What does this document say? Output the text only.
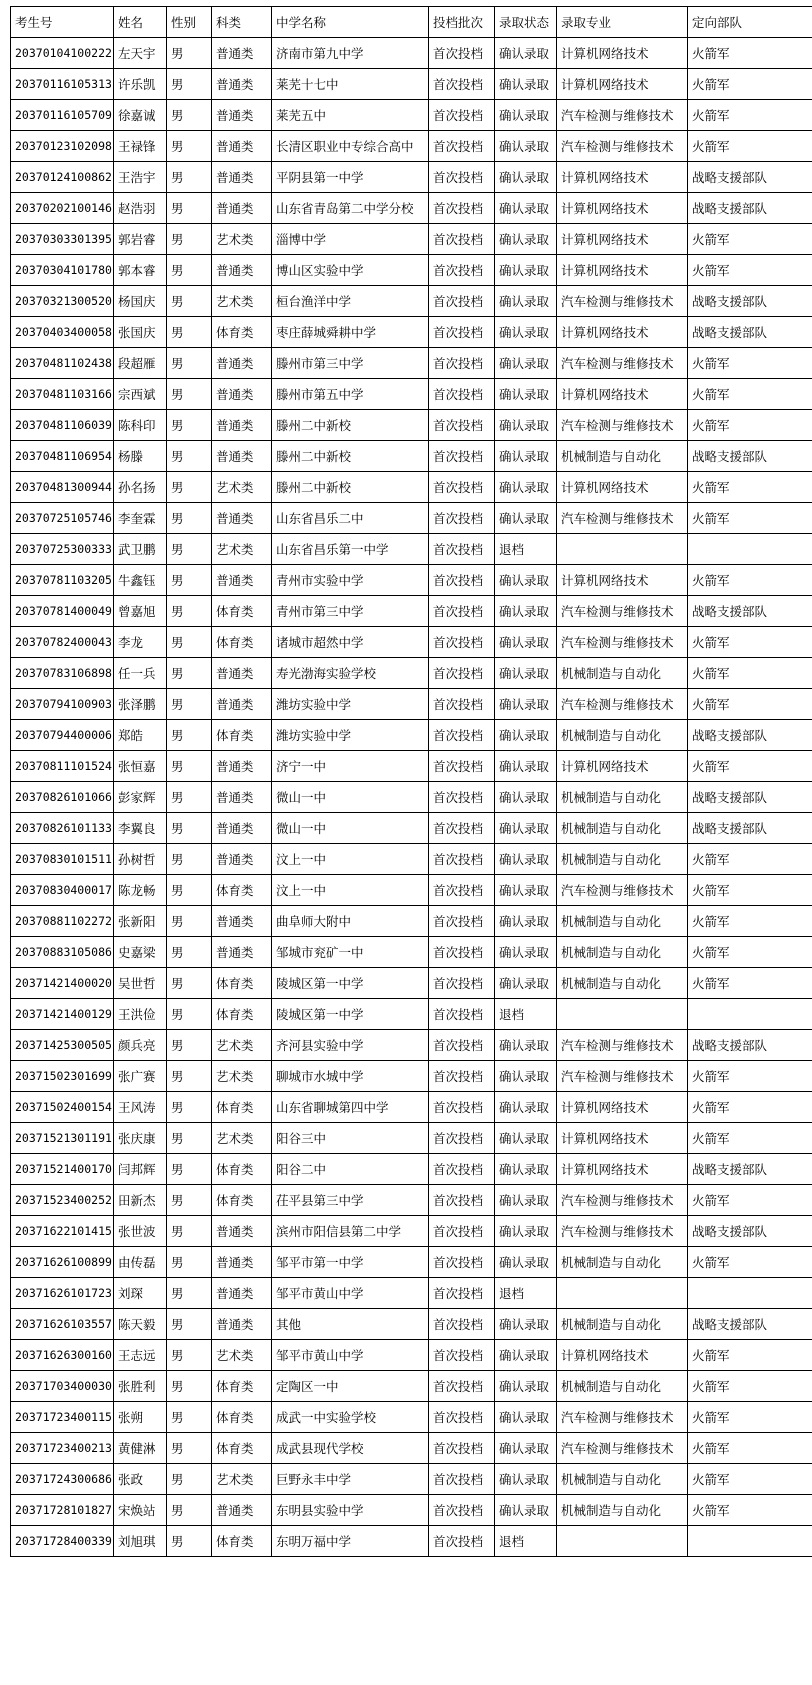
考生号	姓名	性别	科类	中学名称	投档批次	录取状态	录取专业	定向部队
20370104100222	左天宇	男	普通类	济南市第九中学	首次投档	确认录取	计算机网络技术	火箭军
20370116105313	许乐凯	男	普通类	莱芜十七中	首次投档	确认录取	计算机网络技术	火箭军
20370116105709	徐嘉诚	男	普通类	莱芜五中	首次投档	确认录取	汽车检测与维修技术	火箭军
20370123102098	王禄锋	男	普通类	长清区职业中专综合高中	首次投档	确认录取	汽车检测与维修技术	火箭军
20370124100862	王浩宇	男	普通类	平阴县第一中学	首次投档	确认录取	计算机网络技术	战略支援部队
20370202100146	赵浩羽	男	普通类	山东省青岛第二中学分校	首次投档	确认录取	计算机网络技术	战略支援部队
20370303301395	郭岩睿	男	艺术类	淄博中学	首次投档	确认录取	计算机网络技术	火箭军
20370304101780	郭本睿	男	普通类	博山区实验中学	首次投档	确认录取	计算机网络技术	火箭军
20370321300520	杨国庆	男	艺术类	桓台渔洋中学	首次投档	确认录取	汽车检测与维修技术	战略支援部队
20370403400058	张国庆	男	体育类	枣庄薛城舜耕中学	首次投档	确认录取	计算机网络技术	战略支援部队
20370481102438	段超雁	男	普通类	滕州市第三中学	首次投档	确认录取	汽车检测与维修技术	火箭军
20370481103166	宗西斌	男	普通类	滕州市第五中学	首次投档	确认录取	计算机网络技术	火箭军
20370481106039	陈科印	男	普通类	滕州二中新校	首次投档	确认录取	汽车检测与维修技术	火箭军
20370481106954	杨滕	男	普通类	滕州二中新校	首次投档	确认录取	机械制造与自动化	战略支援部队
20370481300944	孙名扬	男	艺术类	滕州二中新校	首次投档	确认录取	计算机网络技术	火箭军
20370725105746	李奎霖	男	普通类	山东省昌乐二中	首次投档	确认录取	汽车检测与维修技术	火箭军
20370725300333	武卫鹏	男	艺术类	山东省昌乐第一中学	首次投档	退档		
20370781103205	牛鑫钰	男	普通类	青州市实验中学	首次投档	确认录取	计算机网络技术	火箭军
20370781400049	曾嘉旭	男	体育类	青州市第三中学	首次投档	确认录取	汽车检测与维修技术	战略支援部队
20370782400043	李龙	男	体育类	诸城市超然中学	首次投档	确认录取	汽车检测与维修技术	火箭军
20370783106898	任一兵	男	普通类	寿光渤海实验学校	首次投档	确认录取	机械制造与自动化	火箭军
20370794100903	张泽鹏	男	普通类	潍坊实验中学	首次投档	确认录取	汽车检测与维修技术	火箭军
20370794400006	郑皓	男	体育类	潍坊实验中学	首次投档	确认录取	机械制造与自动化	战略支援部队
20370811101524	张恒嘉	男	普通类	济宁一中	首次投档	确认录取	计算机网络技术	火箭军
20370826101066	彭家辉	男	普通类	微山一中	首次投档	确认录取	机械制造与自动化	战略支援部队
20370826101133	李翼良	男	普通类	微山一中	首次投档	确认录取	机械制造与自动化	战略支援部队
20370830101511	孙树哲	男	普通类	汶上一中	首次投档	确认录取	机械制造与自动化	火箭军
20370830400017	陈龙畅	男	体育类	汶上一中	首次投档	确认录取	汽车检测与维修技术	火箭军
20370881102272	张新阳	男	普通类	曲阜师大附中	首次投档	确认录取	机械制造与自动化	火箭军
20370883105086	史嘉梁	男	普通类	邹城市兖矿一中	首次投档	确认录取	机械制造与自动化	火箭军
20371421400020	吴世哲	男	体育类	陵城区第一中学	首次投档	确认录取	机械制造与自动化	火箭军
20371421400129	王洪俭	男	体育类	陵城区第一中学	首次投档	退档		
20371425300505	颜兵亮	男	艺术类	齐河县实验中学	首次投档	确认录取	汽车检测与维修技术	战略支援部队
20371502301699	张广赛	男	艺术类	聊城市水城中学	首次投档	确认录取	汽车检测与维修技术	火箭军
20371502400154	王风涛	男	体育类	山东省聊城第四中学	首次投档	确认录取	计算机网络技术	火箭军
20371521301191	张庆康	男	艺术类	阳谷三中	首次投档	确认录取	计算机网络技术	火箭军
20371521400170	闫邦辉	男	体育类	阳谷二中	首次投档	确认录取	计算机网络技术	战略支援部队
20371523400252	田新杰	男	体育类	茌平县第三中学	首次投档	确认录取	汽车检测与维修技术	火箭军
20371622101415	张世波	男	普通类	滨州市阳信县第二中学	首次投档	确认录取	汽车检测与维修技术	战略支援部队
20371626100899	由传磊	男	普通类	邹平市第一中学	首次投档	确认录取	机械制造与自动化	火箭军
20371626101723	刘琛	男	普通类	邹平市黄山中学	首次投档	退档		
20371626103557	陈天毅	男	普通类	其他	首次投档	确认录取	机械制造与自动化	战略支援部队
20371626300160	王志远	男	艺术类	邹平市黄山中学	首次投档	确认录取	计算机网络技术	火箭军
20371703400030	张胜利	男	体育类	定陶区一中	首次投档	确认录取	机械制造与自动化	火箭军
20371723400115	张朔	男	体育类	成武一中实验学校	首次投档	确认录取	汽车检测与维修技术	火箭军
20371723400213	黄健淋	男	体育类	成武县现代学校	首次投档	确认录取	汽车检测与维修技术	火箭军
20371724300686	张政	男	艺术类	巨野永丰中学	首次投档	确认录取	机械制造与自动化	火箭军
20371728101827	宋焕站	男	普通类	东明县实验中学	首次投档	确认录取	机械制造与自动化	火箭军
20371728400339	刘旭琪	男	体育类	东明万福中学	首次投档	退档		
